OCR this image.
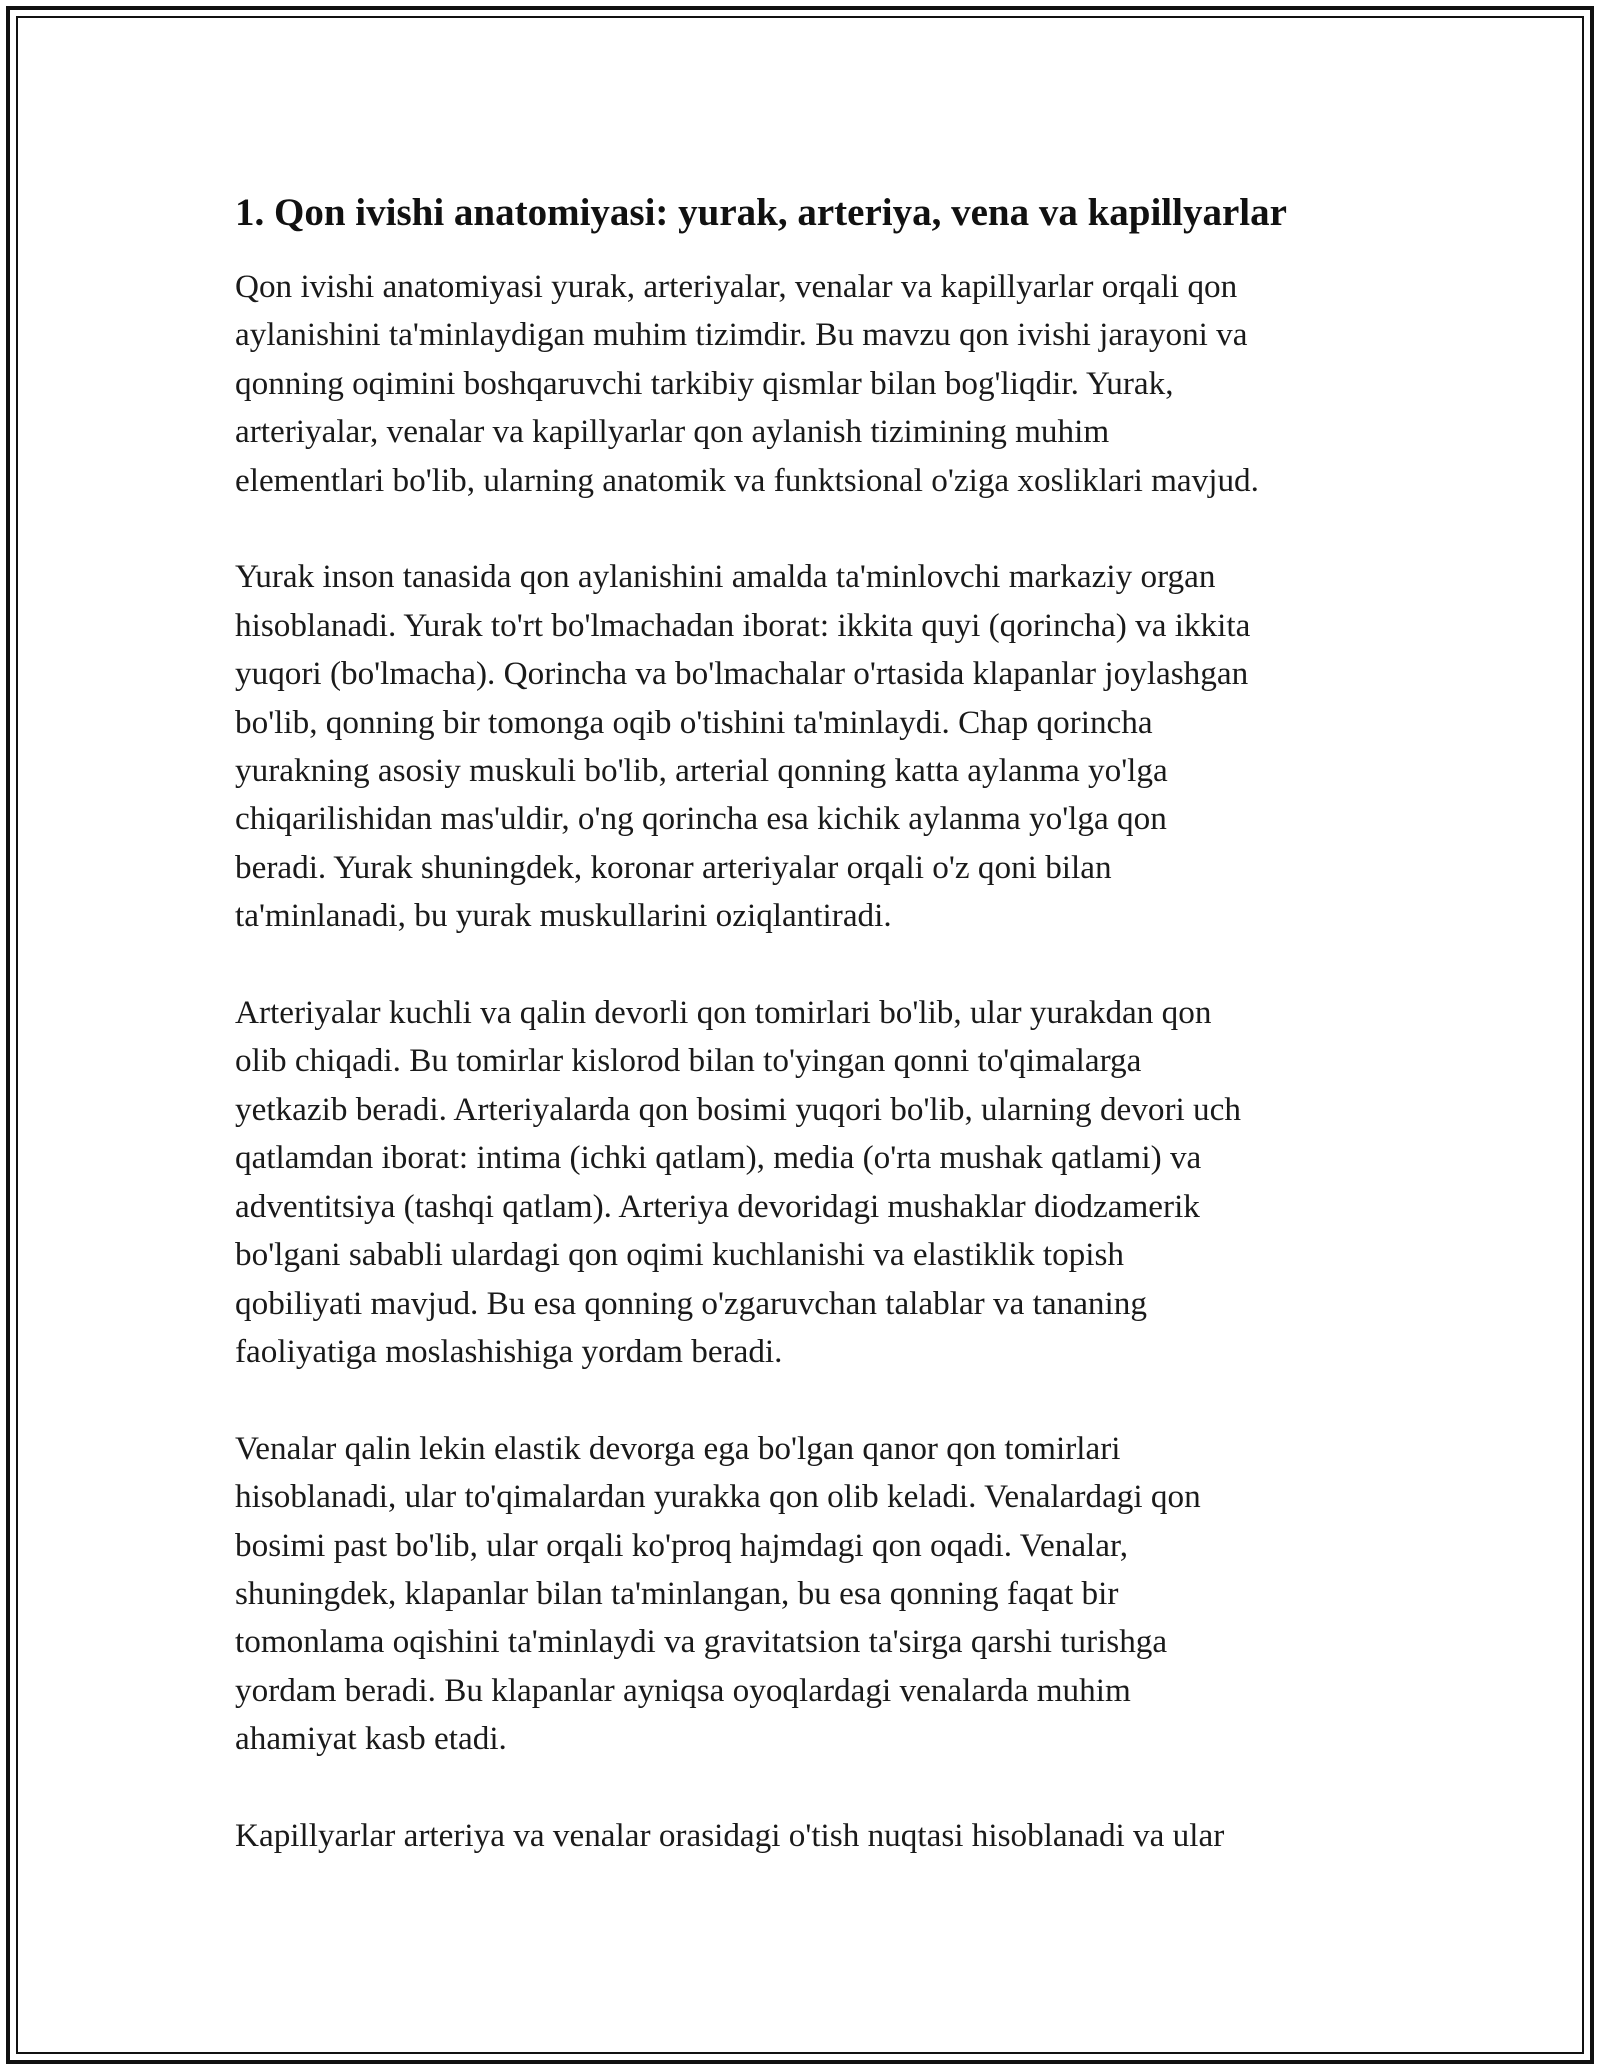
1. Qon ivishi anatomiyasi: yurak, arteriya, vena va kapillyarlar

Qon ivishi anatomiyasi yurak, arteriyalar, venalar va kapillyarlar orqali qon
aylanishini ta'minlaydigan muhim tizimdir. Bu mavzu qon ivishi jarayoni va
qonning oqimini boshqaruvchi tarkibiy qismlar bilan bog'liqdir. Yurak,
arteriyalar, venalar va kapillyarlar qon aylanish tizimining muhim
elementlari bo'lib, ularning anatomik va funktsional o'ziga xosliklari mavjud.

Yurak inson tanasida qon aylanishini amalda ta'minlovchi markaziy organ
hisoblanadi. Yurak to'rt bo'lmachadan iborat: ikkita quyi (qorincha) va ikkita
yuqori (bo'lmacha). Qorincha va bo'lmachalar o'rtasida klapanlar joylashgan
bo'lib, qonning bir tomonga oqib o'tishini ta'minlaydi. Chap qorincha
yurakning asosiy muskuli bo'lib, arterial qonning katta aylanma yo'lga
chiqarilishidan mas'uldir, o'ng qorincha esa kichik aylanma yo'lga qon
beradi. Yurak shuningdek, koronar arteriyalar orqali o'z qoni bilan
ta'minlanadi, bu yurak muskullarini oziqlantiradi.

Arteriyalar kuchli va qalin devorli qon tomirlari bo'lib, ular yurakdan qon
olib chiqadi. Bu tomirlar kislorod bilan to'yingan qonni to'qimalarga
yetkazib beradi. Arteriyalarda qon bosimi yuqori bo'lib, ularning devori uch
qatlamdan iborat: intima (ichki qatlam), media (o'rta mushak qatlami) va
adventitsiya (tashqi qatlam). Arteriya devoridagi mushaklar diodzamerik
bo'lgani sababli ulardagi qon oqimi kuchlanishi va elastiklik topish
qobiliyati mavjud. Bu esa qonning o'zgaruvchan talablar va tananing
faoliyatiga moslashishiga yordam beradi.

Venalar qalin lekin elastik devorga ega bo'lgan qanor qon tomirlari
hisoblanadi, ular to'qimalardan yurakka qon olib keladi. Venalardagi qon
bosimi past bo'lib, ular orqali ko'proq hajmdagi qon oqadi. Venalar,
shuningdek, klapanlar bilan ta'minlangan, bu esa qonning faqat bir
tomonlama oqishini ta'minlaydi va gravitatsion ta'sirga qarshi turishga
yordam beradi. Bu klapanlar ayniqsa oyoqlardagi venalarda muhim
ahamiyat kasb etadi.

Kapillyarlar arteriya va venalar orasidagi o'tish nuqtasi hisoblanadi va ular
